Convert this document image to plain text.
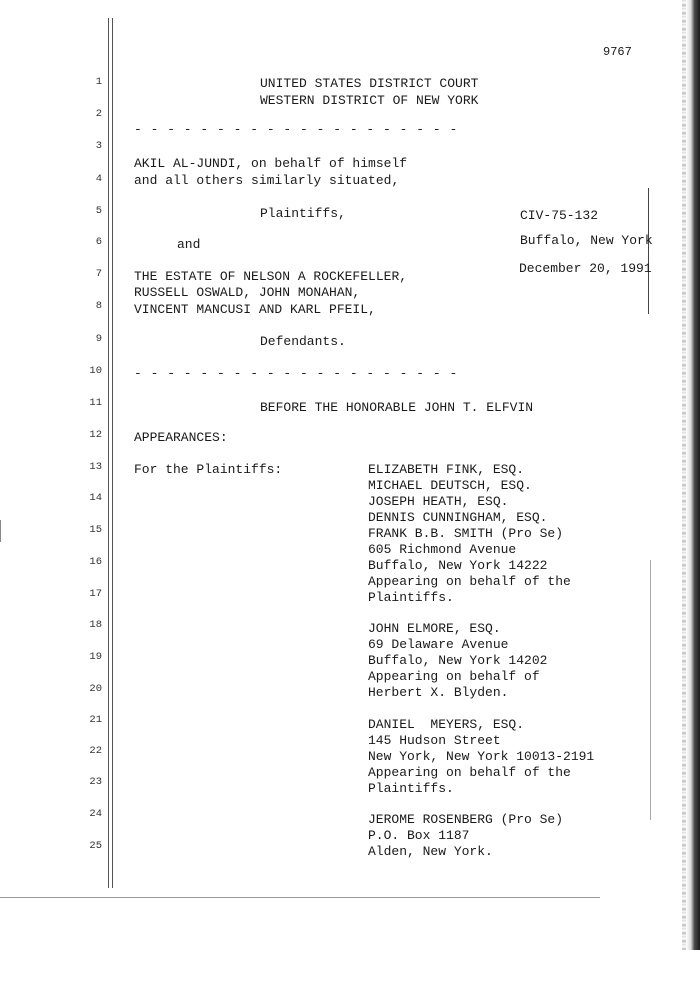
9767
1
2
3
4
5
6
7
8
9
10
11
12
13
14
15
16
17
18
19
20
21
22
23
24
25
UNITED STATES DISTRICT COURT
WESTERN DISTRICT OF NEW YORK
- - - - - - - - - - - - - - - - - - - -
AKIL AL-JUNDI, on behalf of himself
and all others similarly situated,
Plaintiffs,
and
CIV-75-132
Buffalo, New York
December 20, 1991
THE ESTATE OF NELSON A ROCKEFELLER,
RUSSELL OSWALD, JOHN MONAHAN,
VINCENT MANCUSI AND KARL PFEIL,
Defendants.
- - - - - - - - - - - - - - - - - - - -
BEFORE THE HONORABLE JOHN T. ELFVIN
APPEARANCES:
For the Plaintiffs:	ELIZABETH FINK, ESQ.
MICHAEL DEUTSCH, ESQ.
JOSEPH HEATH, ESQ.
DENNIS CUNNINGHAM, ESQ.
FRANK B.B. SMITH (Pro Se)
605 Richmond Avenue
Buffalo, New York 14222
Appearing on behalf of the
Plaintiffs.
JOHN ELMORE, ESQ.
69 Delaware Avenue
Buffalo, New York 14202
Appearing on behalf of
Herbert X. Blyden.
DANIEL  MEYERS, ESQ.
145 Hudson Street
New York, New York 10013-2191
Appearing on behalf of the
Plaintiffs.
JEROME ROSENBERG (Pro Se)
P.O. Box 1187
Alden, New York.
